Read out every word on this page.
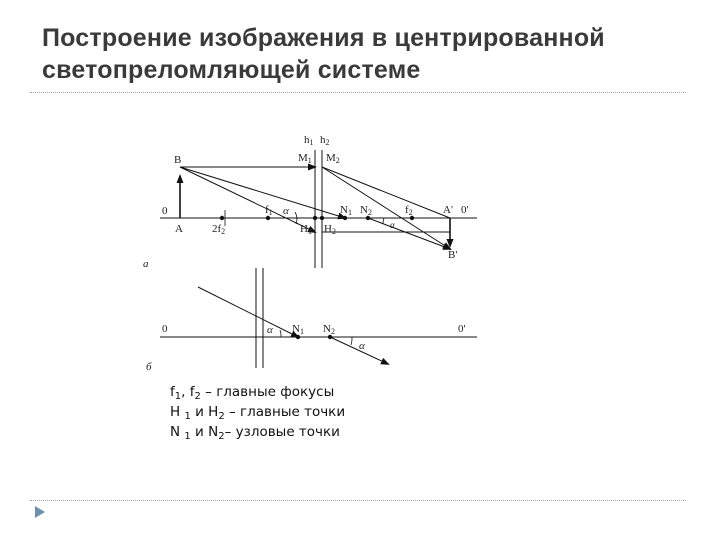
Построение изображения в центрированной
светопреломляющей системе
B
0
A	2f2
f1 α
h1 h2
M1 M2
H1 H2
N1 N2
α
f2	A' 0'
B'
а
0	α N1 N2
α
0'
б
$f_1$, $f_2$ – главные фокусы
H $_1$ и $H_2$ – главные точки
N $_1$ и $N_2-$ узловые точки
